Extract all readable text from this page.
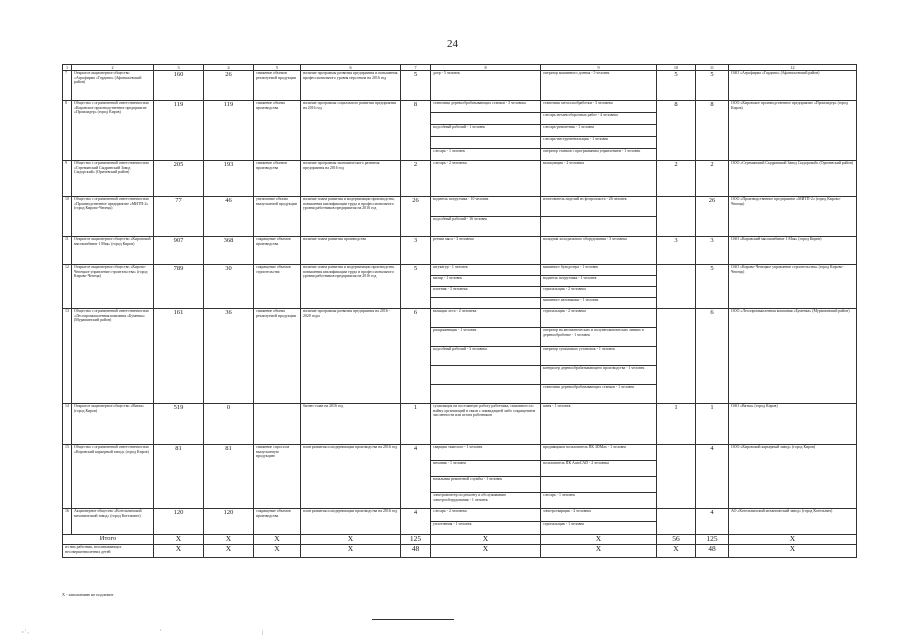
24
1	2	3	4	5	6	7	8	9	10	11	12
7	Открытое акционерное общество «Агрофирма «Гордино» (Афанасьевский район)	160	26	снижение объемов реализуемой продукции	наличие программы развития предприятия и повышения профессионального уровня персонала на 2016 год	5	доер - 5 человек	оператор машинного доения - 5 человек	5	5	ОАО «Агрофирма «Гордино» (Афанасьевский район)
8	Общество с ограниченной ответственностью «Кировское производственное предприятие «Промлидер» (город Киров)	119	119	снижение объема производства	наличие программы социального развития предприятия на 2016 год	8	станочник деревообрабатывающих станков - 3 человека	станочник металлообработки - 3 человека	8	8	ООО «Кировское производственное предприятие «Промлидер» (город Киров)
								слесарь механосборочных работ - 4 человека			
							подсобный рабочий - 1 человек	слесарь-ремонтник - 1 человек			
								слесарь-инструментальщик - 1 человек			
							слесарь - 1 человек	оператор станков с программным управлением - 1 человек			
9	Общество с ограниченной ответственностью «Стремянский Сыдринский Завод Сыдорский» (Оричевский район)	205	193	снижение объемов производства	наличие программы экономического развития предприятия на 2016 год	2	слесарь - 2 человека	вальцовщик - 2 человека	2	2	ООО «Стремянский Сыдринский Завод Сыдорский» (Оричевский район)
10	Общество с ограниченной ответственностью «Производственное предприятие «МИТП-2» (город Кирово-Чепецк)	77	46	увеличение объема выпускаемой продукции	наличие плана развития и модернизации производства, повышения квалификации труда и профессионального уровня работников предприятия на 2016 год	26	водитель погрузчика - 10 человек	изготовитель изделий из фторопласта - 26 человек		26	ООО «Производственное предприятие «МИТП-2» (город Кирово-Чепецк)
							подсобный рабочий - 16 человек				
11	Открытое акционерное общество «Кировский мясокомбинат 1 Мая» (город Киров)	907	368	сокращение объемов производства	наличие плана развития производства	3	резчик мяса - 3 человека	наладчик холодильного оборудования - 3 человека	3	3	ОАО «Кировский мясокомбинат 1 Мая» (город Киров)
12	Открытое акционерное общество «Кирово-Чепецкое управление строительства» (город Кирово-Чепецк)	789	30	сокращение объемов строительства	наличие плана развития и модернизации производства, повышения квалификации труда и профессионального уровня работников предприятия на 2016 год	5	штукатур - 1 человек	машинист бульдозера - 1 человек		5	ОАО «Кирово-Чепецкое управление строительства» (город Кирово-Чепецк)
							маляр - 1 человек	водитель погрузчика - 1 человек			
							плотник - 3 человека	стропальщик - 2 человека			
								машинист автовышки - 1 человек			
13	Общество с ограниченной ответственностью «Лесопромышленная компания «Буменка» (Мурашинский район)	161	36	снижение объема реализуемой продукции	наличие программы развития предприятия на 2016 - 2020 годы	6	вальщик леса - 2 человека	стропальщик - 2 человека		6	ООО «Лесопромышленная компания «Буменка» (Мурашинский район)
							раскряжевщик - 1 человек	оператор на автоматических и полуавтоматических линиях в деревообработке - 1 человек			
							подсобный рабочий - 3 человека	оператор сушильных установок - 1 человек			
								контролер деревообрабатывающего производства - 1 человек			
								станочник деревообрабатывающих станков - 1 человек			
14	Открытое акционерное общество «Вятка» (город Киров)	519	0		бизнес-план на 2016 год	1	сушильщик на постоянную работу работника, связанного по найму организаций в связи с ликвидацией либо сокращением численности или штата работников	швея - 1 человек	1	1	ОАО «Вятка» (город Киров)
15	Общество с ограниченной ответственностью «Кировский карьерный завод» (город Киров)	81	81	снижение спроса на выпускаемую продукцию	план развития и модернизации производства на 2016 год	4	сварщик тяжелого - 1 человек	продавщиков пользователь ПК 3DMax - 1 человек		4	ООО «Кировский карьерный завод» (город Киров)
							механик - 1 человек	пользователь ПК AutoCAD - 2 человека			
							начальник ремонтной службы - 1 человек				
							электромонтер по ремонту и обслуживанию электрооборудования - 1 человек	слесарь - 1 человек			
16	Акционерное общество «Котельничский механический завод» (город Котельнич)	120	120	сокращение объемов производства	план развития и модернизации производства на 2016 год	4	слесарь - 2 человека	электросварщик - 2 человека		4	АО «Котельничский механический завод» (город Котельнич)
							уплотнения - 1 человек	стропальщик - 1 человек			
Итого		X	X	X	X	125	X	X	56	125	X
из них работник, воспитывающих несовершеннолетних детей		X	X	X	X	48	X	X	X	48	X
Х - заполнению не подлежит
‹ ′ ‚
,
|
